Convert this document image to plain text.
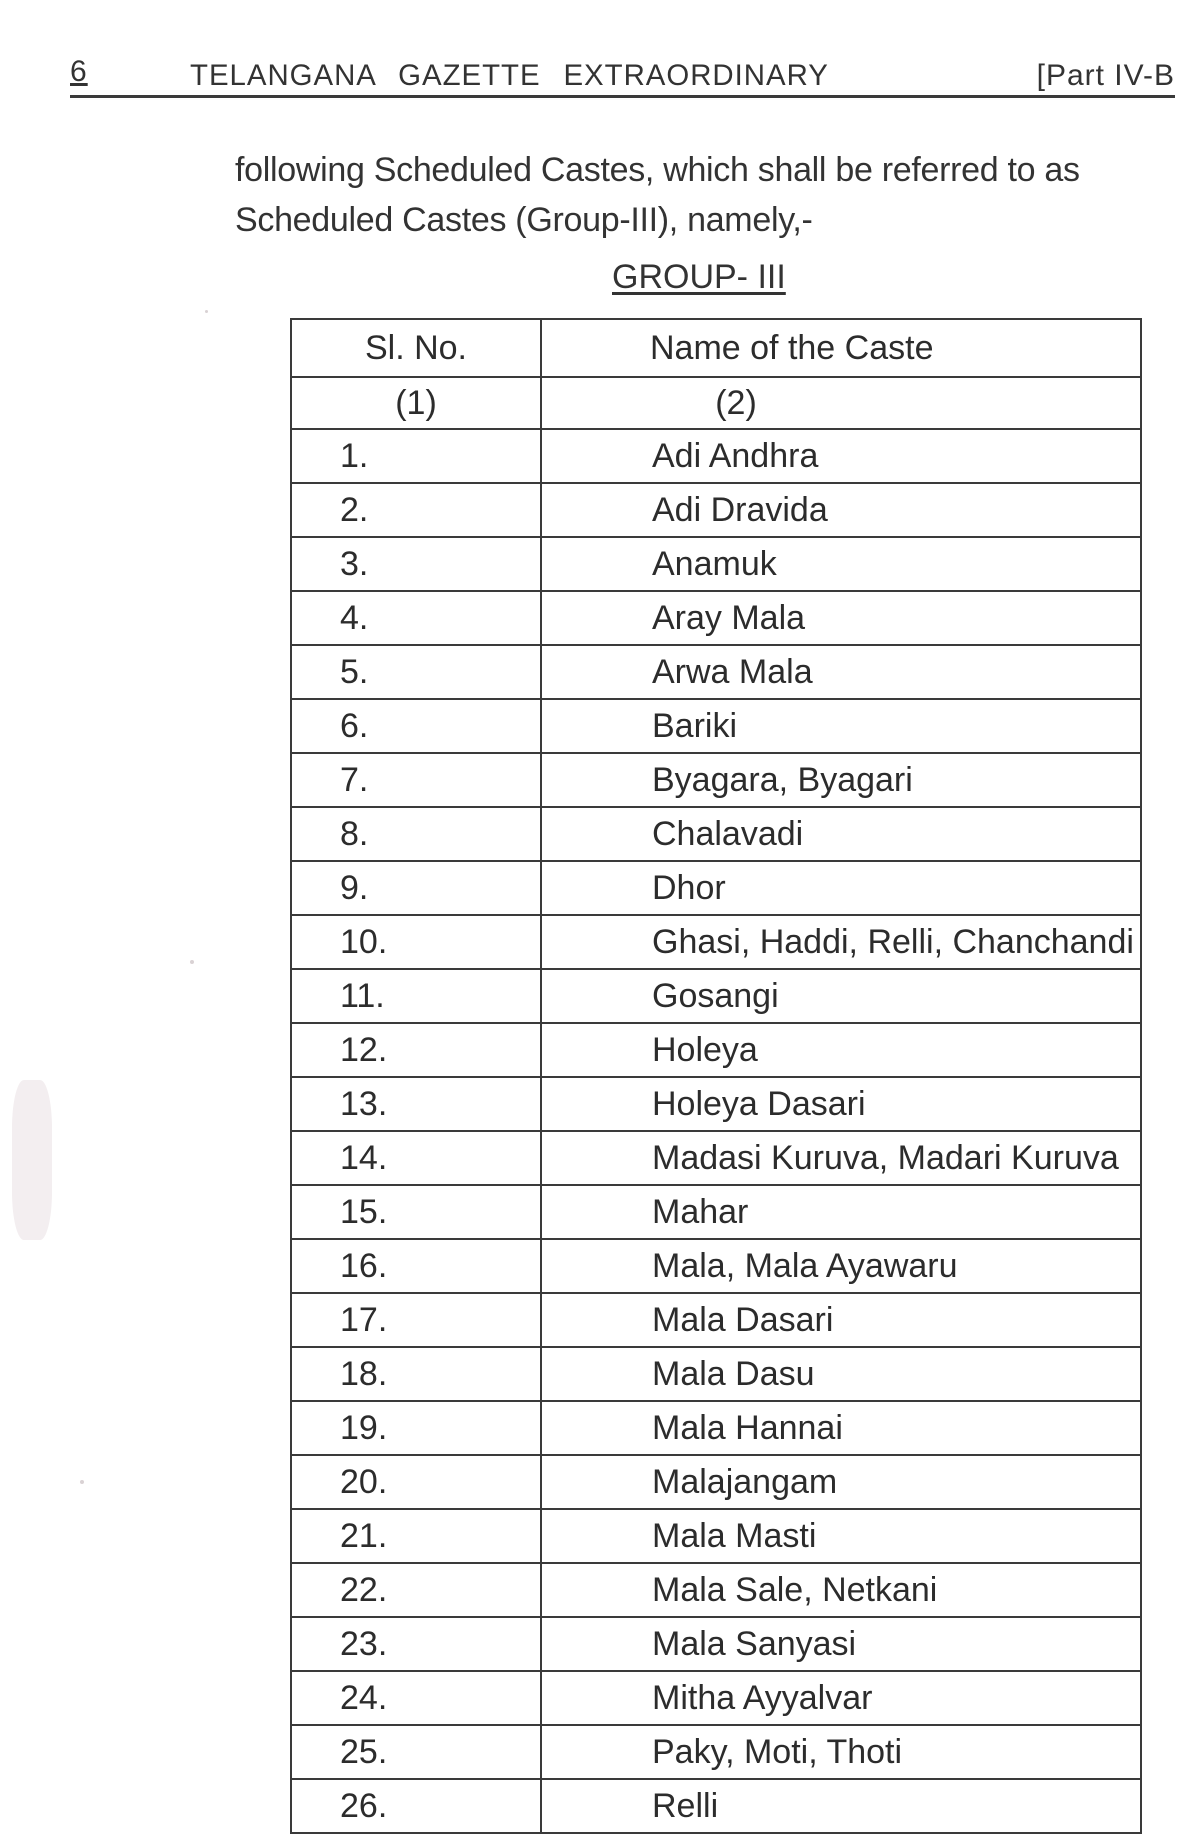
6	TELANGANA GAZETTE EXTRAORDINARY	[Part IV-B
following Scheduled Castes, which shall be referred to as
Scheduled Castes (Group-III), namely,-
GROUP- III
Sl. No.	Name of the Caste
(1)	(2)
1.	Adi Andhra
2.	Adi Dravida
3.	Anamuk
4.	Aray Mala
5.	Arwa Mala
6.	Bariki
7.	Byagara, Byagari
8.	Chalavadi
9.	Dhor
10.	Ghasi, Haddi, Relli, Chanchandi
11.	Gosangi
12.	Holeya
13.	Holeya Dasari
14.	Madasi Kuruva, Madari Kuruva
15.	Mahar
16.	Mala, Mala Ayawaru
17.	Mala Dasari
18.	Mala Dasu
19.	Mala Hannai
20.	Malajangam
21.	Mala Masti
22.	Mala Sale, Netkani
23.	Mala Sanyasi
24.	Mitha Ayyalvar
25.	Paky, Moti, Thoti
26.	Relli
